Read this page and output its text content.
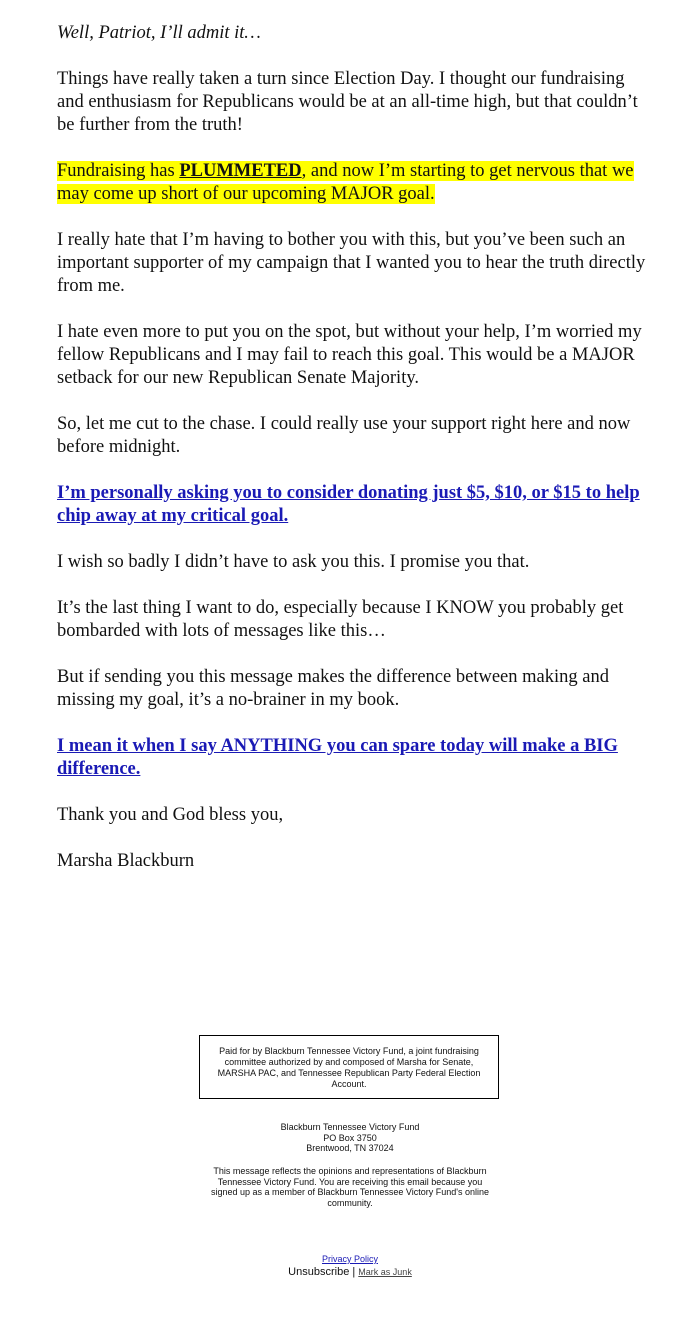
Well, Patriot, I’ll admit it…

Things have really taken a turn since Election Day. I thought our fundraising and enthusiasm for Republicans would be at an all-time high, but that couldn’t be further from the truth!

Fundraising has PLUMMETED, and now I’m starting to get nervous that we may come up short of our upcoming MAJOR goal.

I really hate that I’m having to bother you with this, but you’ve been such an important supporter of my campaign that I wanted you to hear the truth directly from me.

I hate even more to put you on the spot, but without your help, I’m worried my fellow Republicans and I may fail to reach this goal. This would be a MAJOR setback for our new Republican Senate Majority.

So, let me cut to the chase. I could really use your support right here and now before midnight.

I’m personally asking you to consider donating just $5, $10, or $15 to help chip away at my critical goal.

I wish so badly I didn’t have to ask you this. I promise you that.

It’s the last thing I want to do, especially because I KNOW you probably get bombarded with lots of messages like this…

But if sending you this message makes the difference between making and missing my goal, it’s a no-brainer in my book.

I mean it when I say ANYTHING you can spare today will make a BIG difference.

Thank you and God bless you,

Marsha Blackburn

Paid for by Blackburn Tennessee Victory Fund, a joint fundraising committee authorized by and composed of Marsha for Senate, MARSHA PAC, and Tennessee Republican Party Federal Election Account.
Blackburn Tennessee Victory Fund
PO Box 3750
Brentwood, TN 37024
This message reflects the opinions and representations of Blackburn Tennessee Victory Fund. You are receiving this email because you signed up as a member of Blackburn Tennessee Victory Fund's online community.
Privacy Policy
Unsubscribe | Mark as Junk
